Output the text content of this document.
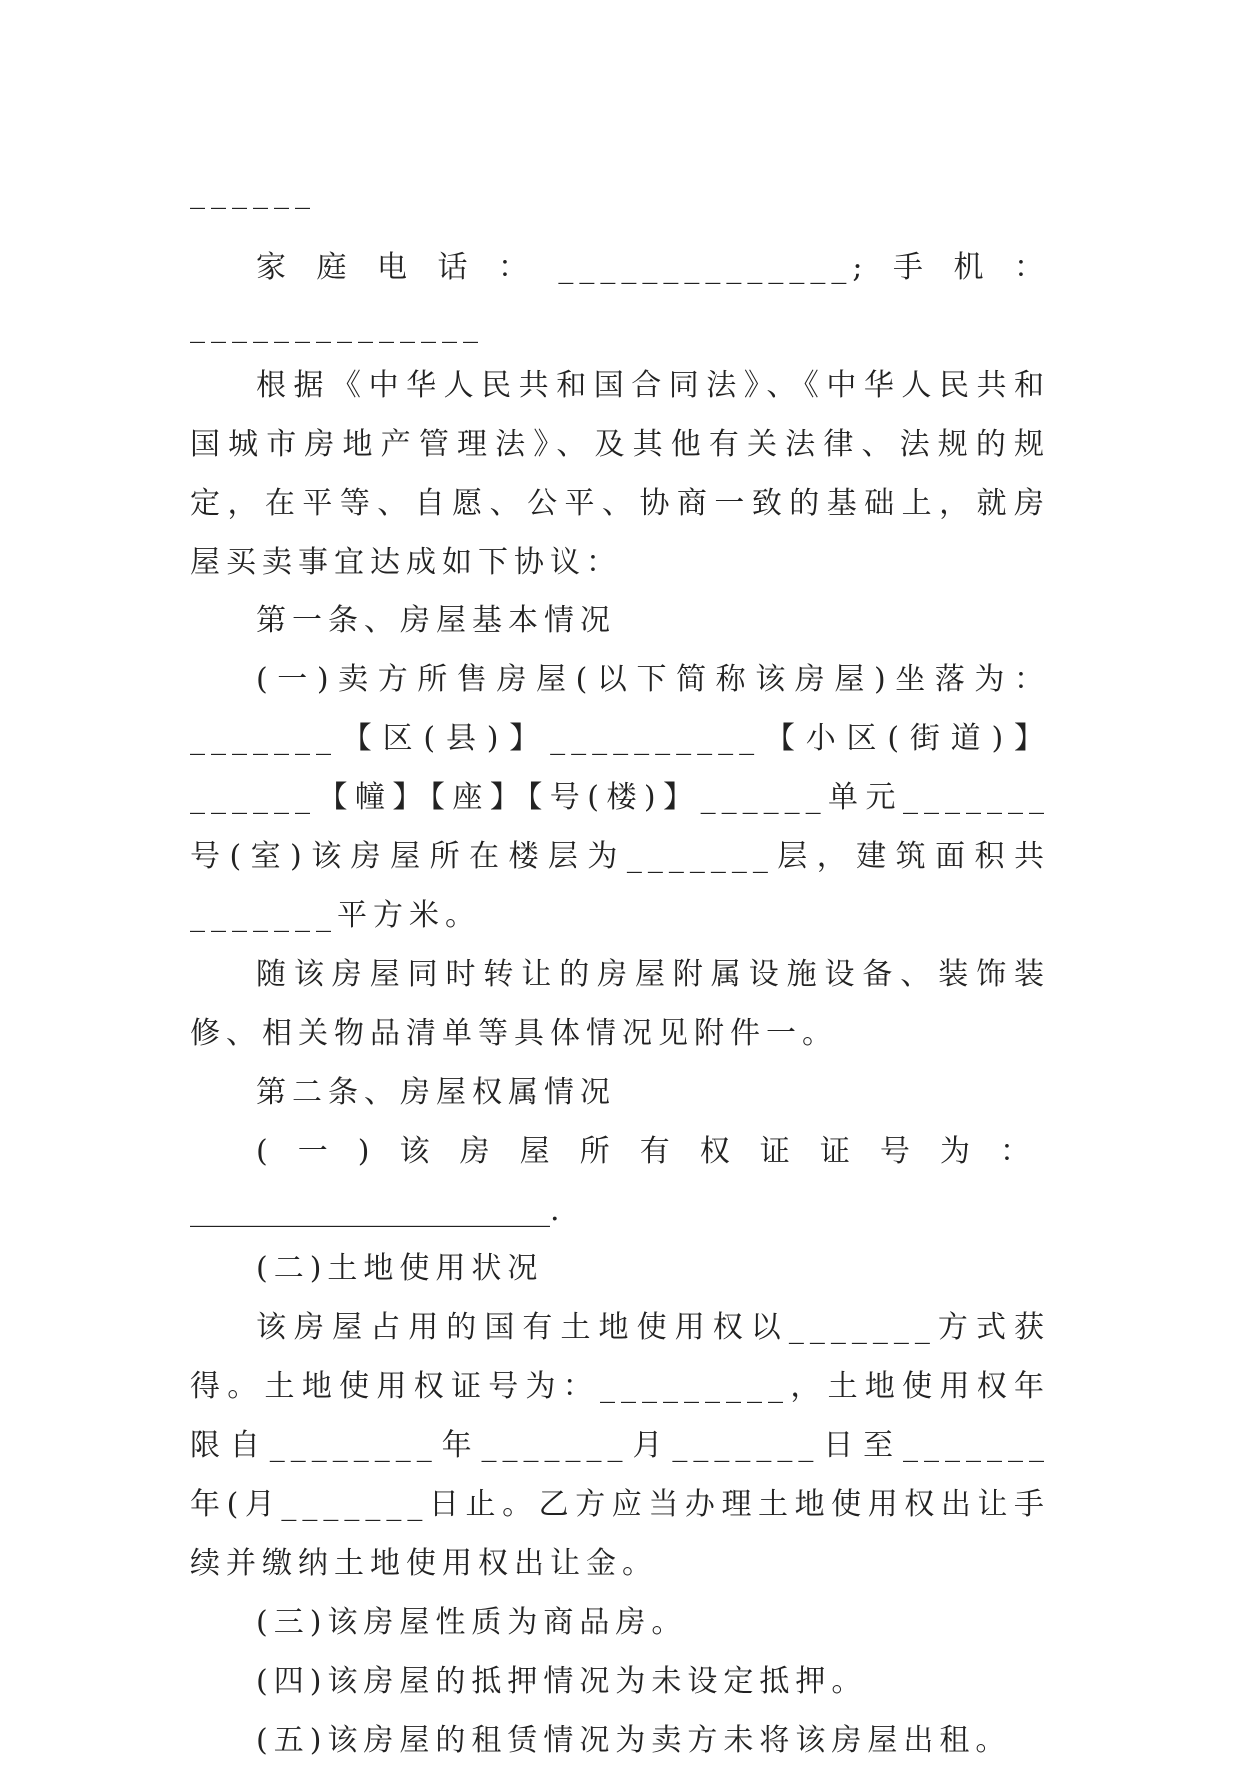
______

家庭电话：______________;手机：______________

根据《中华人民共和国合同法》、《中华人民共和国城市房地产管理法》、及其他有关法律、法规的规定，在平等、自愿、公平、协商一致的基础上，就房屋买卖事宜达成如下协议：

第一条、房屋基本情况

(一)卖方所售房屋(以下简称该房屋)坐落为：_______【区(县)】__________【小区(街道)】______【幢】【座】【号(楼)】______单元_______号(室)该房屋所在楼层为_______层，建筑面积共_______平方米。

随该房屋同时转让的房屋附属设施设备、装饰装修、相关物品清单等具体情况见附件一。

第二条、房屋权属情况

(一)该房屋所有权证证号为：

________________________.

(二)土地使用状况

该房屋占用的国有土地使用权以_______方式获得。土地使用权证号为：_________，土地使用权年限自________年_______月_______日至_______年(月_______日止。乙方应当办理土地使用权出让手续并缴纳土地使用权出让金。

(三)该房屋性质为商品房。

(四)该房屋的抵押情况为未设定抵押。

(五)该房屋的租赁情况为卖方未将该房屋出租。
